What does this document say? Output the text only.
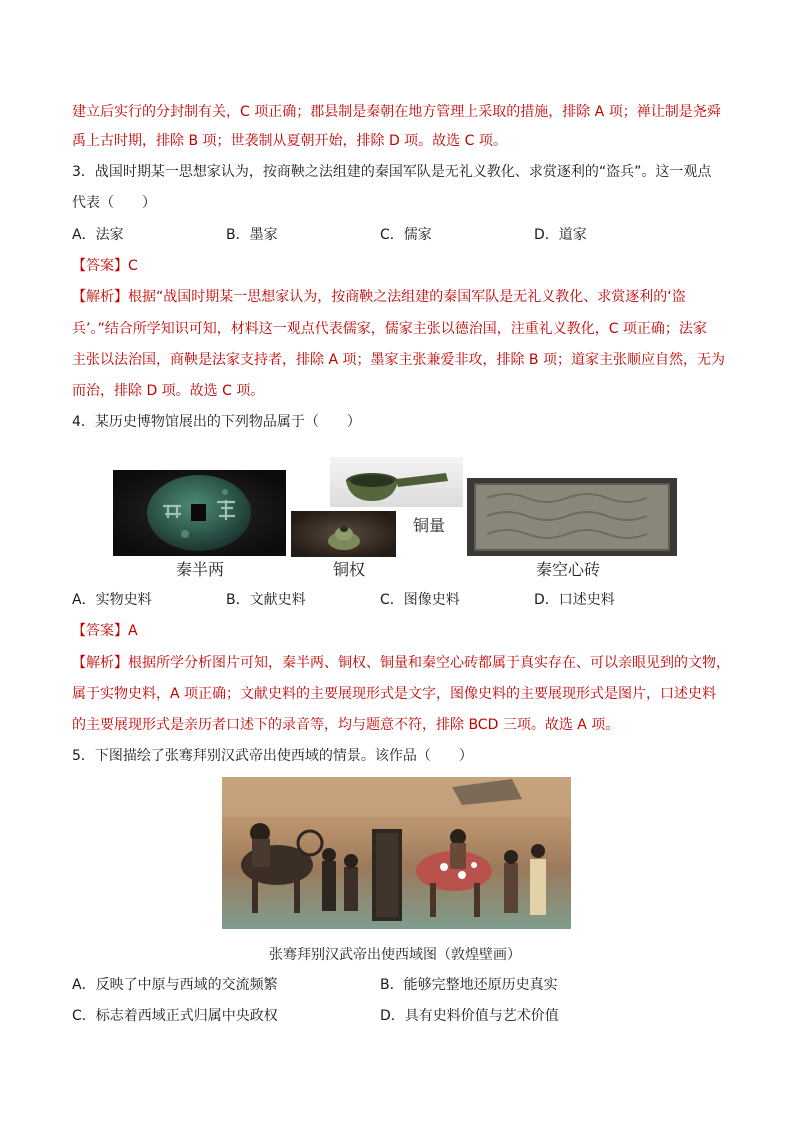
建立后实行的分封制有关，C 项正确；郡县制是秦朝在地方管理上采取的措施，排除 A 项；禅让制是尧舜
禹上古时期，排除 B 项；世袭制从夏朝开始，排除 D 项。故选 C 项。
3．战国时期某一思想家认为，按商鞅之法组建的秦国军队是无礼义教化、求赏逐利的“盗兵”。这一观点
代表（　　）
A．法家	B．墨家	C．儒家	D．道家
【答案】C
【解析】根据“战国时期某一思想家认为，按商鞅之法组建的秦国军队是无礼义教化、求赏逐利的‘盗
兵’。”结合所学知识可知，材料这一观点代表儒家，儒家主张以德治国，注重礼义教化，C 项正确；法家
主张以法治国，商鞅是法家支持者，排除 A 项；墨家主张兼爱非攻，排除 B 项；道家主张顺应自然，无为
而治，排除 D 项。故选 C 项。
4．某历史博物馆展出的下列物品属于（　　）
秦半两
铜量
铜权	秦空心砖
A．实物史料	B．文献史料	C．图像史料	D．口述史料
【答案】A
【解析】根据所学分析图片可知，秦半两、铜权、铜量和秦空心砖都属于真实存在、可以亲眼见到的文物，
属于实物史料，A 项正确；文献史料的主要展现形式是文字，图像史料的主要展现形式是图片，口述史料
的主要展现形式是亲历者口述下的录音等，均与题意不符，排除 BCD 三项。故选 A 项。
5．下图描绘了张骞拜别汉武帝出使西域的情景。该作品（　　）
张骞拜别汉武帝出使西域图（敦煌壁画）
A．反映了中原与西域的交流频繁	B．能够完整地还原历史真实
C．标志着西域正式归属中央政权	D．具有史料价值与艺术价值
